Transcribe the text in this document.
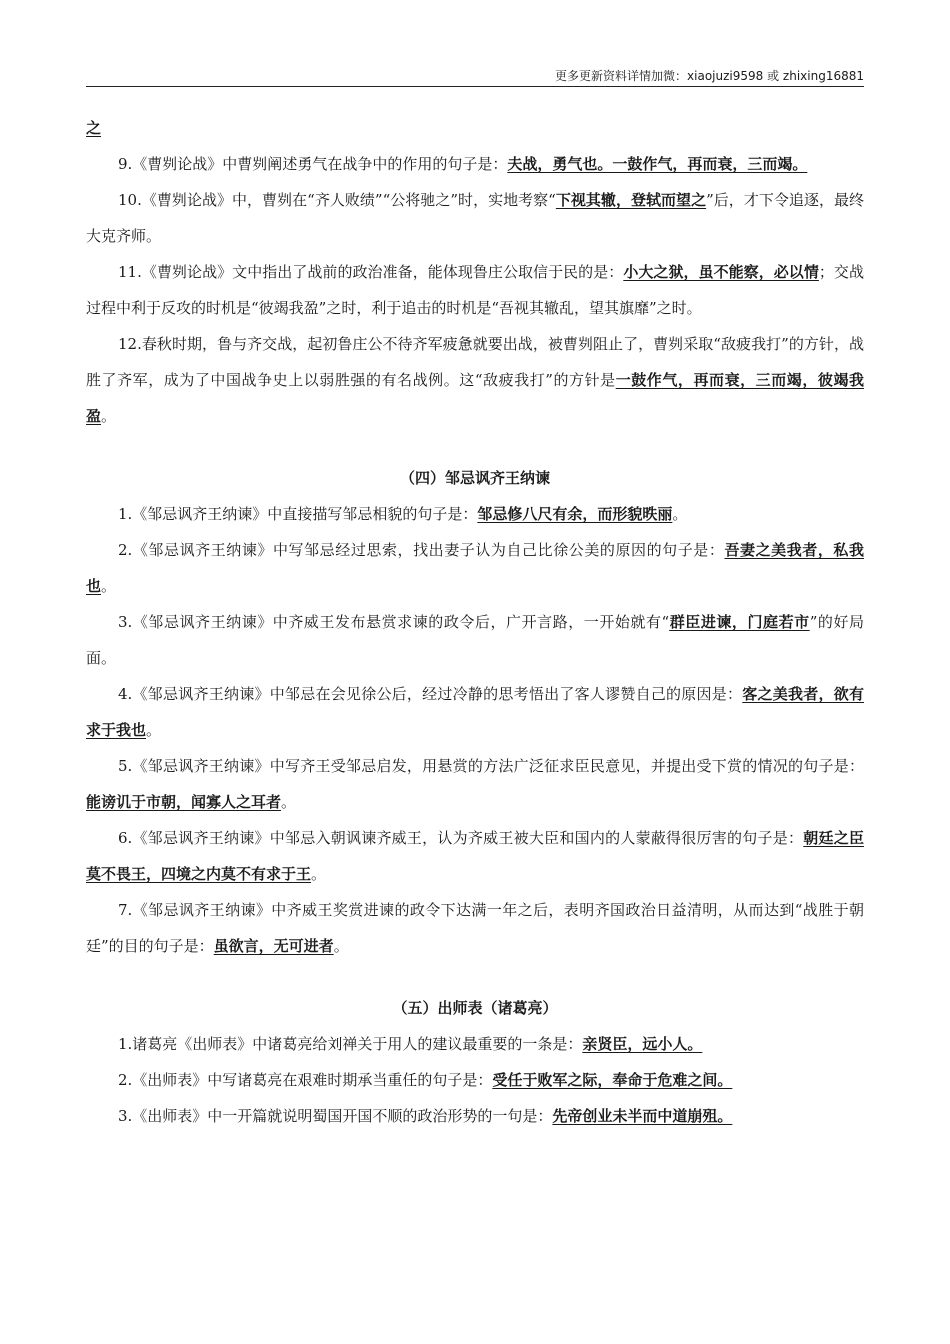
更多更新资料详情加微：xiaojuzi9598 或 zhixing16881

之

9.《曹刿论战》中曹刿阐述勇气在战争中的作用的句子是：夫战，勇气也。一鼓作气，再而衰，三而竭。

10.《曹刿论战》中，曹刿在“齐人败绩”“公将驰之”时，实地考察“下视其辙，登轼而望之”后，才下令追逐，最终大克齐师。

11.《曹刿论战》文中指出了战前的政治准备，能体现鲁庄公取信于民的是：小大之狱，虽不能察，必以情；交战过程中利于反攻的时机是“彼竭我盈”之时，利于追击的时机是“吾视其辙乱，望其旗靡”之时。

12.春秋时期，鲁与齐交战，起初鲁庄公不待齐军疲惫就要出战，被曹刿阻止了，曹刿采取“敌疲我打”的方针，战胜了齐军，成为了中国战争史上以弱胜强的有名战例。这“敌疲我打”的方针是一鼓作气，再而衰，三而竭，彼竭我盈。

（四）邹忌讽齐王纳谏

1.《邹忌讽齐王纳谏》中直接描写邹忌相貌的句子是：邹忌修八尺有余，而形貌昳丽。

2.《邹忌讽齐王纳谏》中写邹忌经过思索，找出妻子认为自己比徐公美的原因的句子是：吾妻之美我者，私我也。

3.《邹忌讽齐王纳谏》中齐威王发布悬赏求谏的政令后，广开言路，一开始就有“群臣进谏，门庭若市”的好局面。

4.《邹忌讽齐王纳谏》中邹忌在会见徐公后，经过冷静的思考悟出了客人谬赞自己的原因是：客之美我者，欲有求于我也。

5.《邹忌讽齐王纳谏》中写齐王受邹忌启发，用悬赏的方法广泛征求臣民意见，并提出受下赏的情况的句子是：能谤讥于市朝，闻寡人之耳者。

6.《邹忌讽齐王纳谏》中邹忌入朝讽谏齐威王，认为齐威王被大臣和国内的人蒙蔽得很厉害的句子是：朝廷之臣莫不畏王，四境之内莫不有求于王。

7.《邹忌讽齐王纳谏》中齐威王奖赏进谏的政令下达满一年之后，表明齐国政治日益清明，从而达到“战胜于朝廷”的目的句子是：虽欲言，无可进者。

（五）出师表（诸葛亮）

1.诸葛亮《出师表》中诸葛亮给刘禅关于用人的建议最重要的一条是：亲贤臣，远小人。

2.《出师表》中写诸葛亮在艰难时期承当重任的句子是：受任于败军之际，奉命于危难之间。

3.《出师表》中一开篇就说明蜀国开国不顺的政治形势的一句是：先帝创业未半而中道崩殂。
